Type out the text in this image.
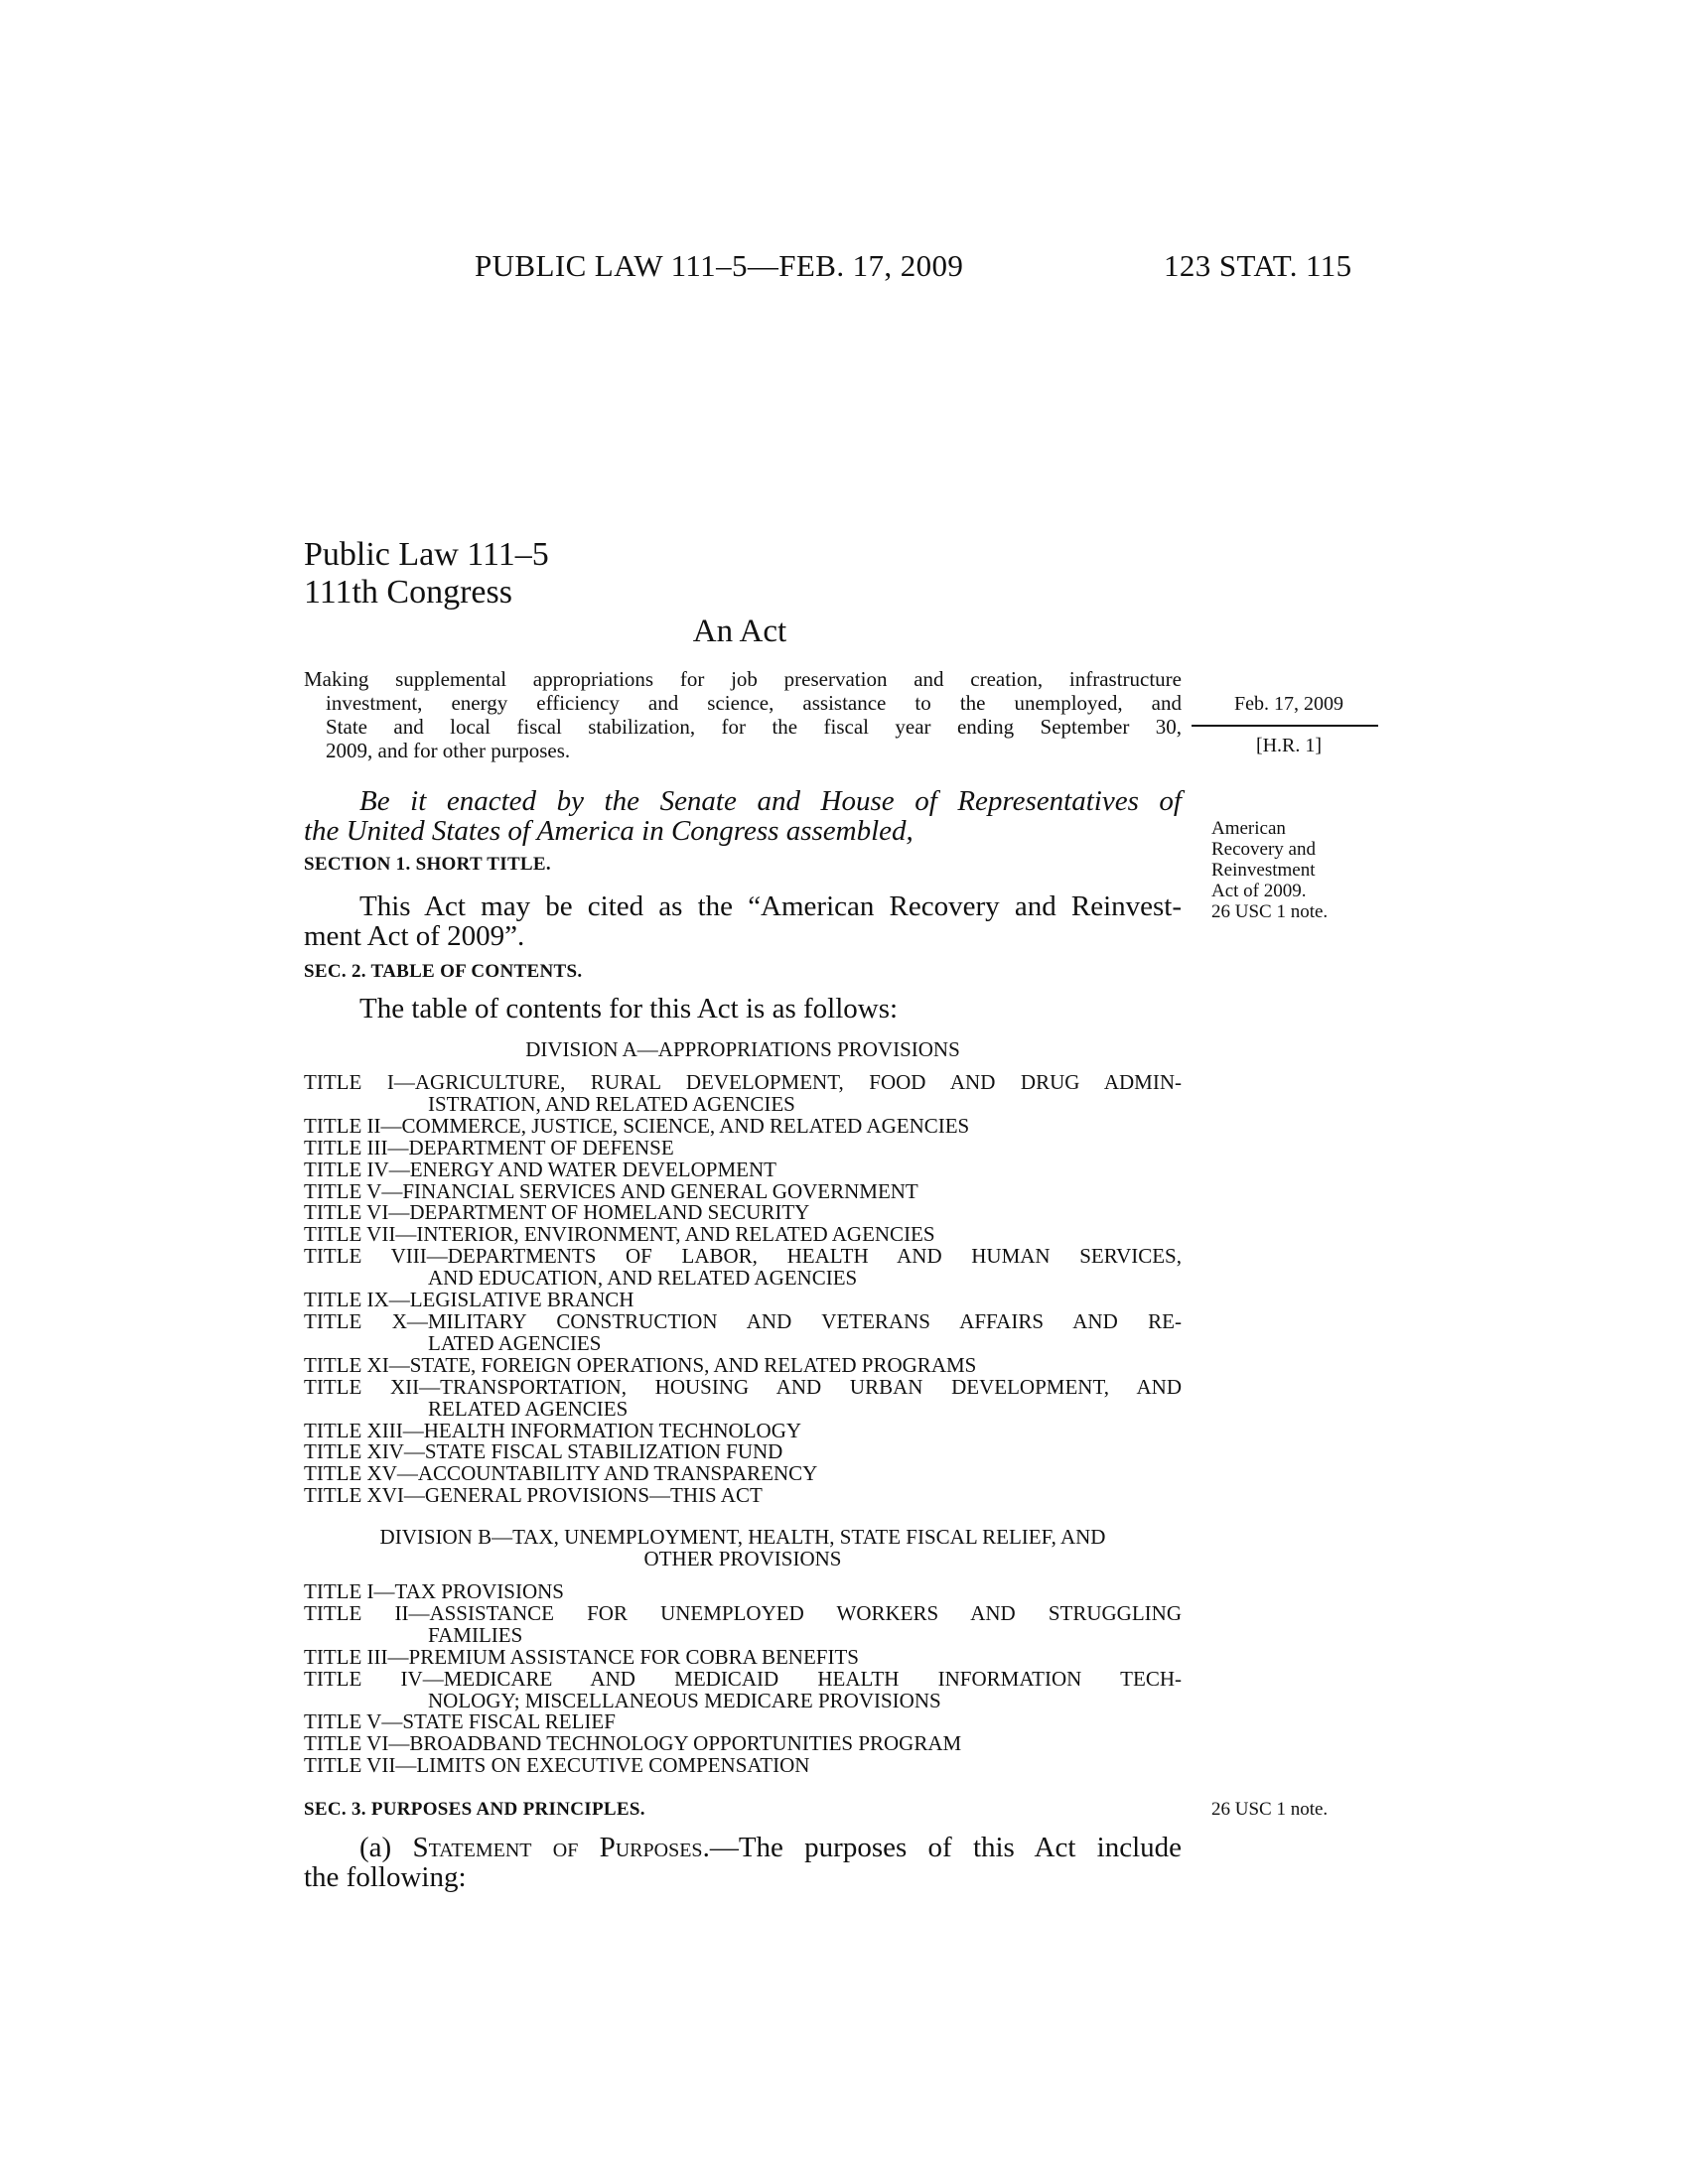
PUBLIC LAW 111–5—FEB. 17, 2009	123 STAT. 115
Public Law 111–5
111th Congress
An Act
Making supplemental appropriations for job preservation and creation, infrastructure
investment, energy efficiency and science, assistance to the unemployed, and
State and local fiscal stabilization, for the fiscal year ending September 30,
2009, and for other purposes.
Feb. 17, 2009
[H.R. 1]
Be it enacted by the Senate and House of Representatives of
the United States of America in Congress assembled,	American
Recovery and
Reinvestment
Act of 2009.
26 USC 1 note.
SECTION 1. SHORT TITLE.
This Act may be cited as the “American Recovery and Reinvest-
ment Act of 2009”.
SEC. 2. TABLE OF CONTENTS.
The table of contents for this Act is as follows:
DIVISION A—APPROPRIATIONS PROVISIONS
TITLE I—AGRICULTURE, RURAL DEVELOPMENT, FOOD AND DRUG ADMIN-
ISTRATION, AND RELATED AGENCIES
TITLE II—COMMERCE, JUSTICE, SCIENCE, AND RELATED AGENCIES
TITLE III—DEPARTMENT OF DEFENSE
TITLE IV—ENERGY AND WATER DEVELOPMENT
TITLE V—FINANCIAL SERVICES AND GENERAL GOVERNMENT
TITLE VI—DEPARTMENT OF HOMELAND SECURITY
TITLE VII—INTERIOR, ENVIRONMENT, AND RELATED AGENCIES
TITLE VIII—DEPARTMENTS OF LABOR, HEALTH AND HUMAN SERVICES,
AND EDUCATION, AND RELATED AGENCIES
TITLE IX—LEGISLATIVE BRANCH
TITLE X—MILITARY CONSTRUCTION AND VETERANS AFFAIRS AND RE-
LATED AGENCIES
TITLE XI—STATE, FOREIGN OPERATIONS, AND RELATED PROGRAMS
TITLE XII—TRANSPORTATION, HOUSING AND URBAN DEVELOPMENT, AND
RELATED AGENCIES
TITLE XIII—HEALTH INFORMATION TECHNOLOGY
TITLE XIV—STATE FISCAL STABILIZATION FUND
TITLE XV—ACCOUNTABILITY AND TRANSPARENCY
TITLE XVI—GENERAL PROVISIONS—THIS ACT
DIVISION B—TAX, UNEMPLOYMENT, HEALTH, STATE FISCAL RELIEF, AND
OTHER PROVISIONS
TITLE I—TAX PROVISIONS
TITLE II—ASSISTANCE FOR UNEMPLOYED WORKERS AND STRUGGLING
FAMILIES
TITLE III—PREMIUM ASSISTANCE FOR COBRA BENEFITS
TITLE IV—MEDICARE AND MEDICAID HEALTH INFORMATION TECH-
NOLOGY; MISCELLANEOUS MEDICARE PROVISIONS
TITLE V—STATE FISCAL RELIEF
TITLE VI—BROADBAND TECHNOLOGY OPPORTUNITIES PROGRAM
TITLE VII—LIMITS ON EXECUTIVE COMPENSATION
SEC. 3. PURPOSES AND PRINCIPLES.	26 USC 1 note.
(a) Statement of Purposes.—The purposes of this Act include
the following:
